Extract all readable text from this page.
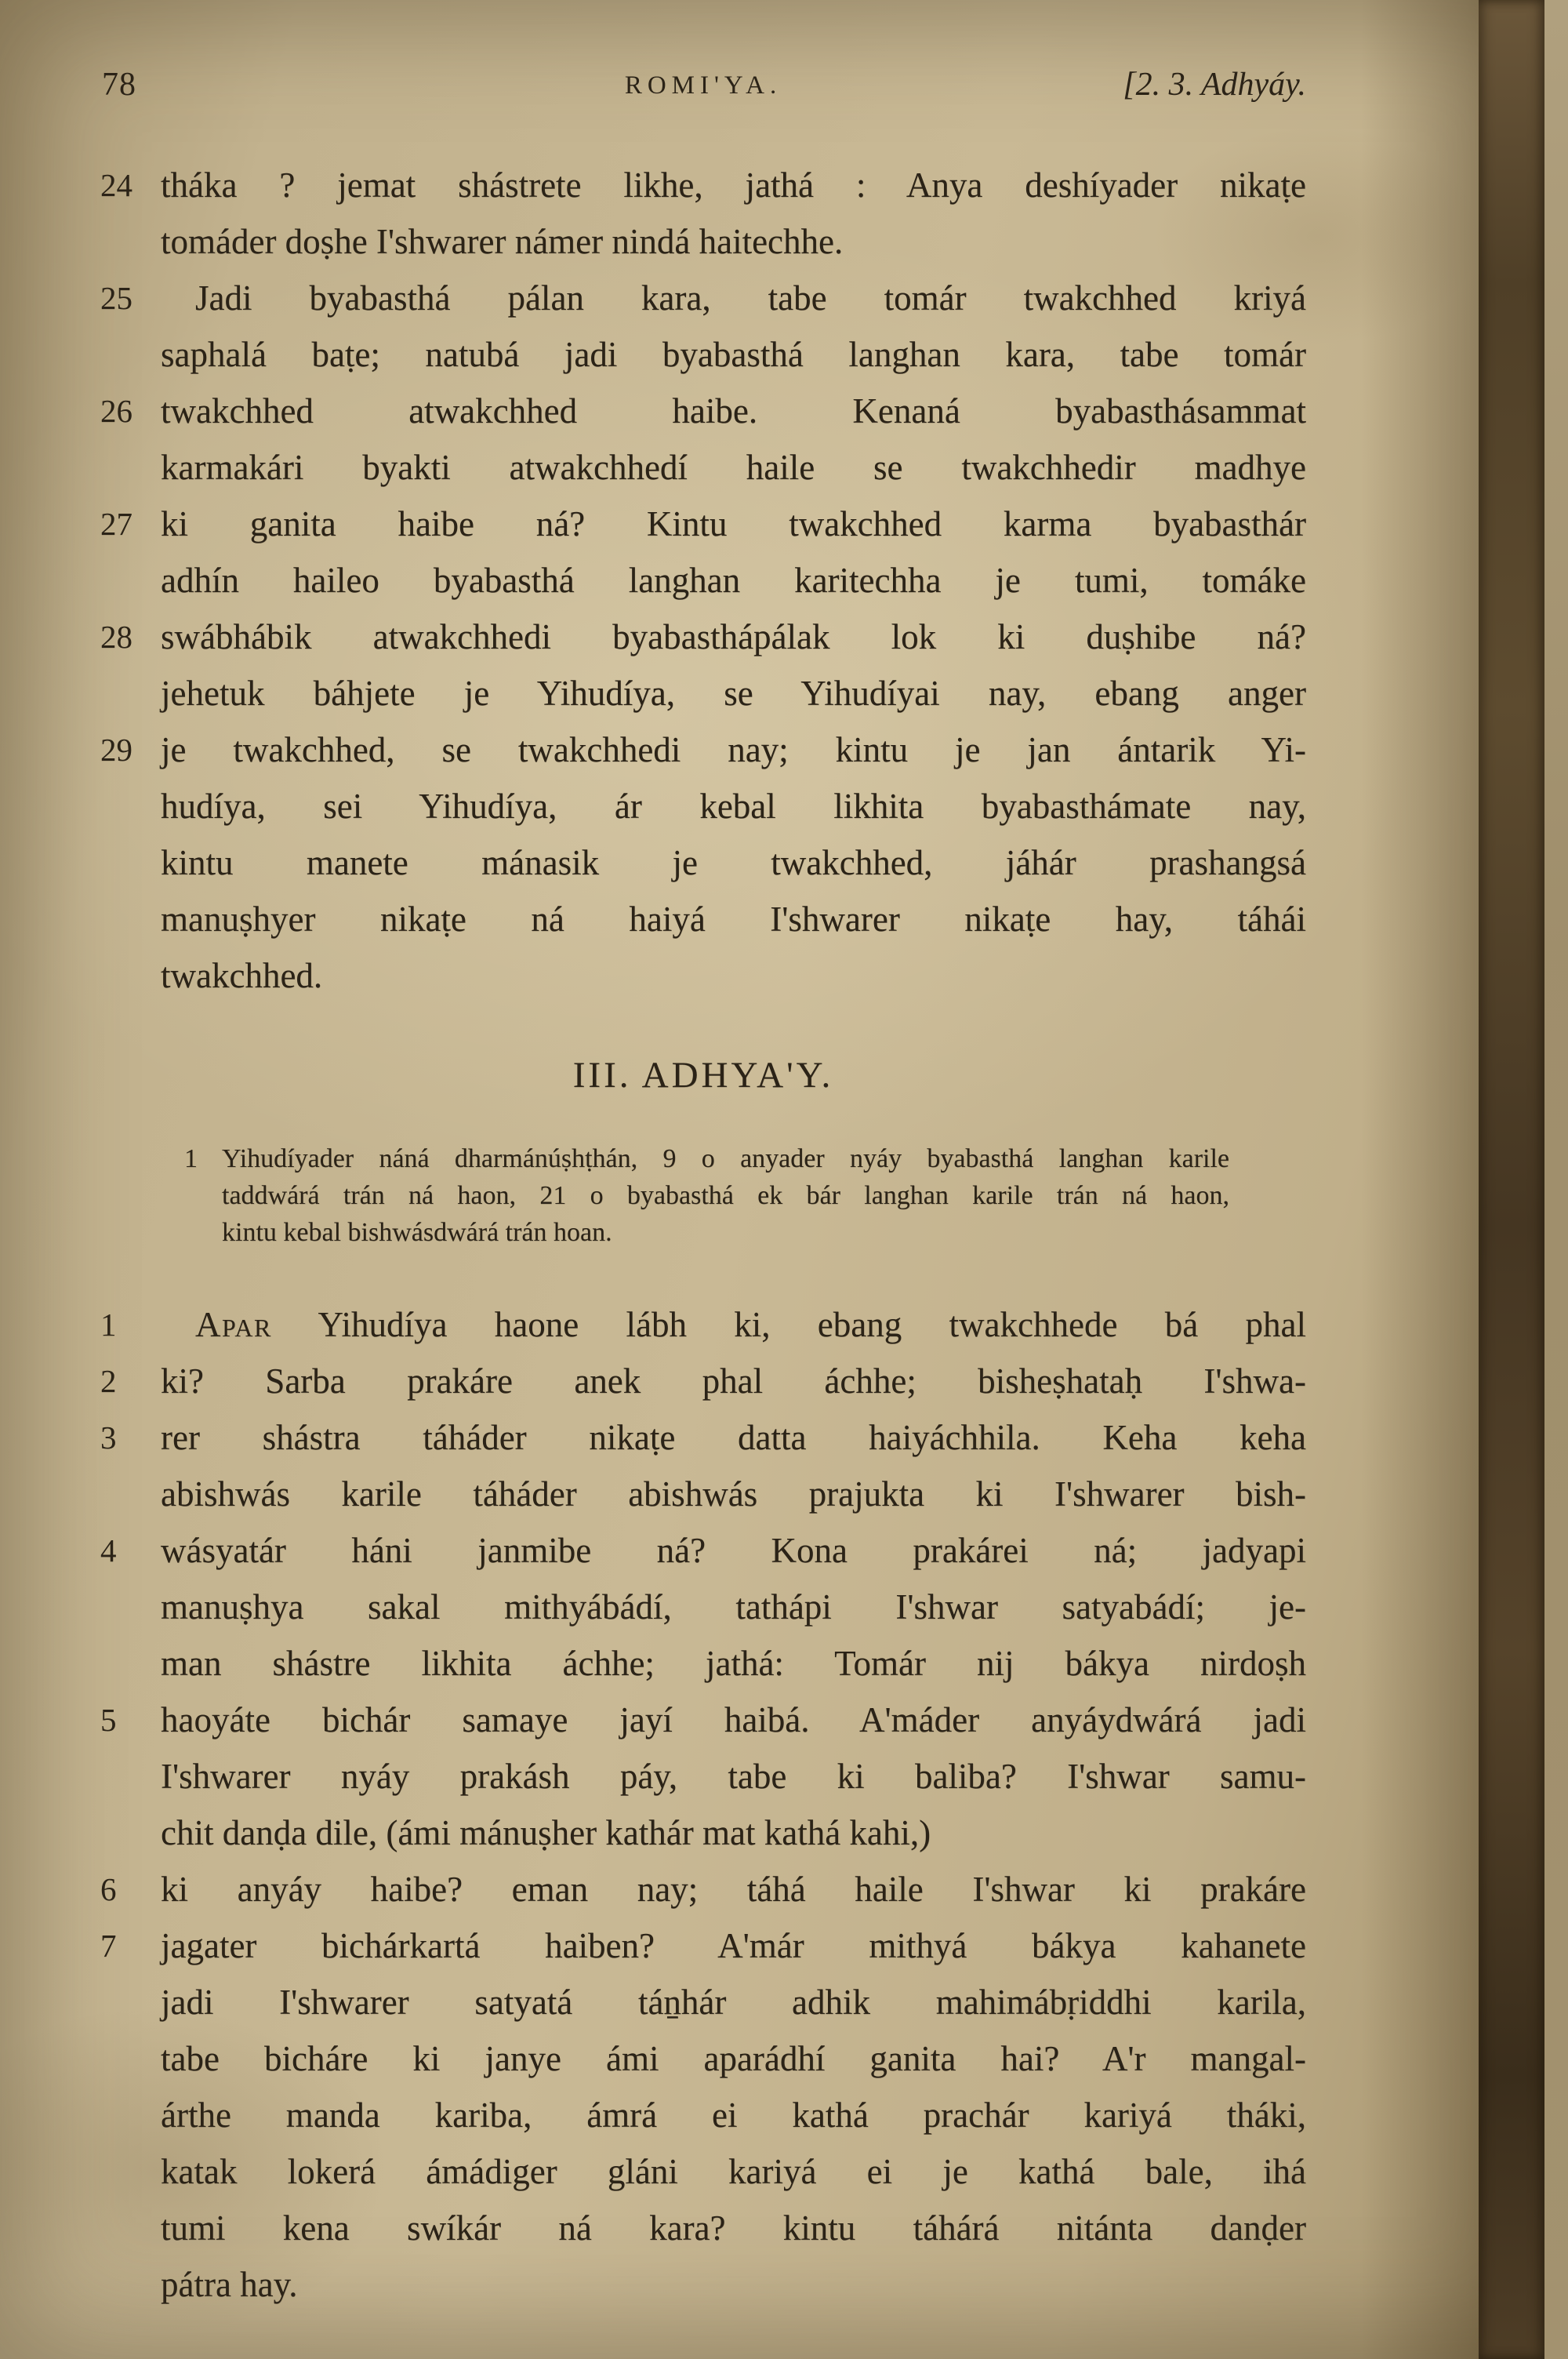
78	ROMI'YA.	[2. 3. Adhyáy.
24 tháka ? jemat shástrete likhe, jathá : Anya deshíyader nikaṭe
tomáder doṣhe I'shwarer námer nindá haitechhe.
25	Jadi byabasthá pálan kara, tabe tomár twakchhed kriyá
saphalá baṭe; natubá jadi byabasthá langhan kara, tabe tomár
26 twakchhed atwakchhed haibe. Kenaná byabasthásammat
karmakári byakti atwakchhedí haile se twakchhedir madhye
27 ki ganita haibe ná? Kintu twakchhed karma byabasthár
adhín haileo byabasthá langhan karitechha je tumi, tomáke
28 swábhábik atwakchhedi byabasthápálak lok ki duṣhibe ná?
jehetuk báhjete je Yihudíya, se Yihudíyai nay, ebang anger
29 je twakchhed, se twakchhedi nay; kintu je jan ántarik Yi-
hudíya, sei Yihudíya, ár kebal likhita byabasthámate nay,
kintu manete mánasik je twakchhed, jáhár prashangsá
manuṣhyer nikaṭe ná haiyá I'shwarer nikaṭe hay, táhái
twakchhed.
III. ADHYA'Y.
1 Yihudíyader náná dharmánúṣhṭhán, 9 o anyader nyáy byabasthá langhan karile
taddwárá trán ná haon, 21 o byabasthá ek bár langhan karile trán ná haon,
kintu kebal bishwásdwárá trán hoan.
1	Apar Yihudíya haone lábh ki, ebang twakchhede bá phal
2 ki? Sarba prakáre anek phal áchhe; bisheṣhataḥ I'shwa-
3 rer shástra táháder nikaṭe datta haiyáchhila. Keha keha
abishwás karile táháder abishwás prajukta ki I'shwarer bish-
4 wásyatár háni janmibe ná? Kona prakárei ná; jadyapi
manuṣhya sakal mithyábádí, tathápi I'shwar satyabádí; je-
man shástre likhita áchhe; jathá: Tomár nij bákya nirdoṣh
5 haoyáte bichár samaye jayí haibá. A'máder anyáydwárá jadi
I'shwarer nyáy prakásh páy, tabe ki baliba? I'shwar samu-
chit danḍa dile, (ámi mánuṣher kathár mat kathá kahi,)
6 ki anyáy haibe? eman nay; táhá haile I'shwar ki prakáre
7 jagater bichárkartá haiben? A'már mithyá bákya kahanete
jadi I'shwarer satyatá táṉhár adhik mahimábṛiddhi karila,
tabe bicháre ki janye ámi aparádhí ganita hai? A'r mangal-
árthe manda kariba, ámrá ei kathá prachár kariyá tháki,
katak lokerá ámádiger gláni kariyá ei je kathá bale, ihá
tumi kena swíkár ná kara? kintu táhárá nitánta danḍer
pátra hay.
